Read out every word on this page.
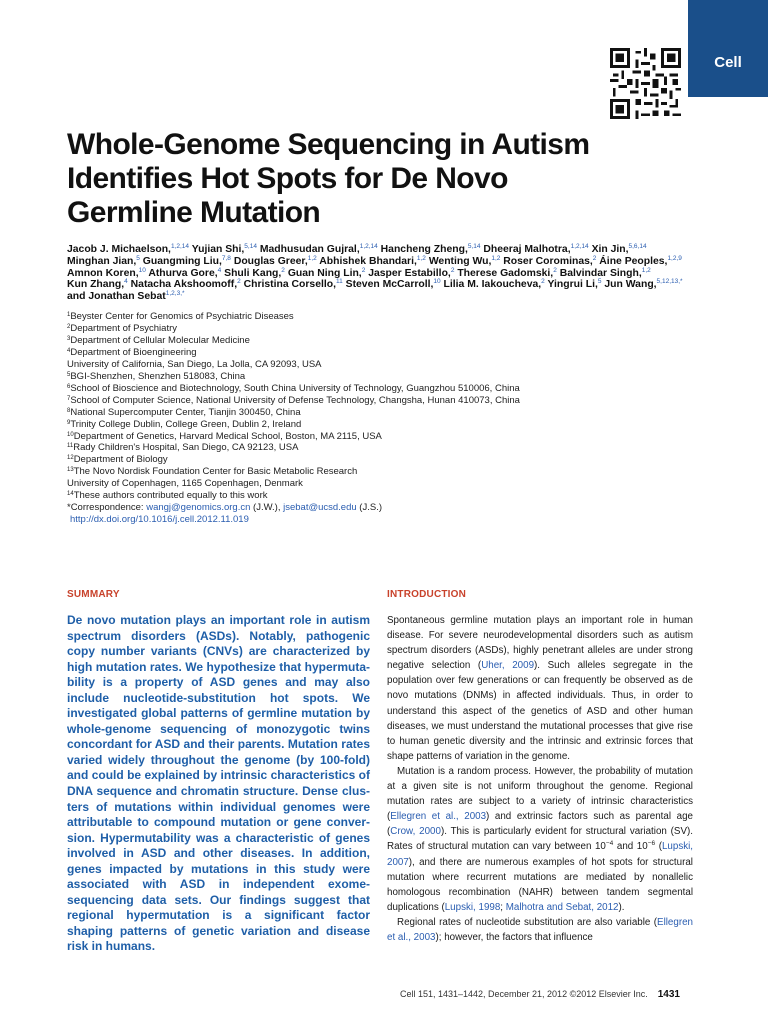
Cell
Whole-Genome Sequencing in Autism Identifies Hot Spots for De Novo Germline Mutation
Jacob J. Michaelson,$^{1,2,14}$ Yujian Shi,$^{5,14}$ Madhusudan Gujral,$^{1,2,14}$ Hancheng Zheng,$^{5,14}$ Dheeraj Malhotra,$^{1,2,14}$ Xin Jin,$^{5,6,14}$ Minghan Jian,$^5$ Guangming Liu,$^{7,8}$ Douglas Greer,$^{1,2}$ Abhishek Bhandari,$^{1,2}$ Wenting Wu,$^{1,2}$ Roser Corominas,$^2$ Áine Peoples,$^{1,2,9}$ Amnon Koren,$^{10}$ Athurva Gore,$^4$ Shuli Kang,$^2$ Guan Ning Lin,$^2$ Jasper Estabillo,$^2$ Therese Gadomski,$^2$ Balvindar Singh,$^{1,2}$ Kun Zhang,$^4$ Natacha Akshoomoff,$^2$ Christina Corsello,$^{11}$ Steven McCarroll,$^{10}$ Lilia M. Iakoucheva,$^2$ Yingrui Li,$^5$ Jun Wang,$^{5,12,13,*}$ and Jonathan Sebat$^{1,2,3,*}$
$^1$Beyster Center for Genomics of Psychiatric Diseases
$^2$Department of Psychiatry
$^3$Department of Cellular Molecular Medicine
$^4$Department of Bioengineering
University of California, San Diego, La Jolla, CA 92093, USA
$^5$BGI-Shenzhen, Shenzhen 518083, China
$^6$School of Bioscience and Biotechnology, South China University of Technology, Guangzhou 510006, China
$^7$School of Computer Science, National University of Defense Technology, Changsha, Hunan 410073, China
$^8$National Supercomputer Center, Tianjin 300450, China
$^9$Trinity College Dublin, College Green, Dublin 2, Ireland
$^{10}$Department of Genetics, Harvard Medical School, Boston, MA 2115, USA
$^{11}$Rady Children's Hospital, San Diego, CA 92123, USA
$^{12}$Department of Biology
$^{13}$The Novo Nordisk Foundation Center for Basic Metabolic Research
University of Copenhagen, 1165 Copenhagen, Denmark
$^{14}$These authors contributed equally to this work
*Correspondence: wangj@genomics.org.cn (J.W.), jsebat@ucsd.edu (J.S.)
http://dx.doi.org/10.1016/j.cell.2012.11.019
SUMMARY	INTRODUCTION
De novo mutation plays an important role in autism spectrum disorders (ASDs). Notably, pathogenic copy number variants (CNVs) are characterized by high mutation rates. We hypothesize that hypermutability is a property of ASD genes and may also include nucleotide-substitution hot spots. We investigated global patterns of germline mutation by whole-genome sequencing of monozygotic twins concordant for ASD and their parents. Mutation rates varied widely throughout the genome (by 100-fold) and could be explained by intrinsic characteristics of DNA sequence and chromatin structure. Dense clusters of mutations within individual genomes were attributable to compound mutation or gene conversion. Hypermutability was a characteristic of genes involved in ASD and other diseases. In addition, genes impacted by mutations in this study were associated with ASD in independent exome-sequencing data sets. Our findings suggest that regional hypermutation is a significant factor shaping patterns of genetic variation and disease risk in humans.

Spontaneous germline mutation plays an important role in human disease. For severe neurodevelopmental disorders such as autism spectrum disorders (ASDs), highly penetrant alleles are under strong negative selection (Uher, 2009). Such alleles segregate in the population over few generations or can frequently be observed as de novo mutations (DNMs) in affected individuals. Thus, in order to understand this aspect of the genetics of ASD and other human diseases, we must understand the mutational processes that give rise to human genetic diversity and the intrinsic and extrinsic forces that shape patterns of variation in the genome.

Mutation is a random process. However, the probability of mutation at a given site is not uniform throughout the genome. Regional mutation rates are subject to a variety of intrinsic characteristics (Ellegren et al., 2003) and extrinsic factors such as parental age (Crow, 2000). This is particularly evident for structural variation (SV). Rates of structural mutation can vary between $10^{-4}$ and $10^{-6}$ (Lupski, 2007), and there are numerous examples of hot spots for structural mutation where recurrent mutations are mediated by nonallelic homologous recombination (NAHR) between tandem segmental duplications (Lupski, 1998; Malhotra and Sebat, 2012).

Regional rates of nucleotide substitution are also variable (Ellegren et al., 2003); however, the factors that influence

Cell 151, 1431–1442, December 21, 2012 ©2012 Elsevier Inc. 1431
